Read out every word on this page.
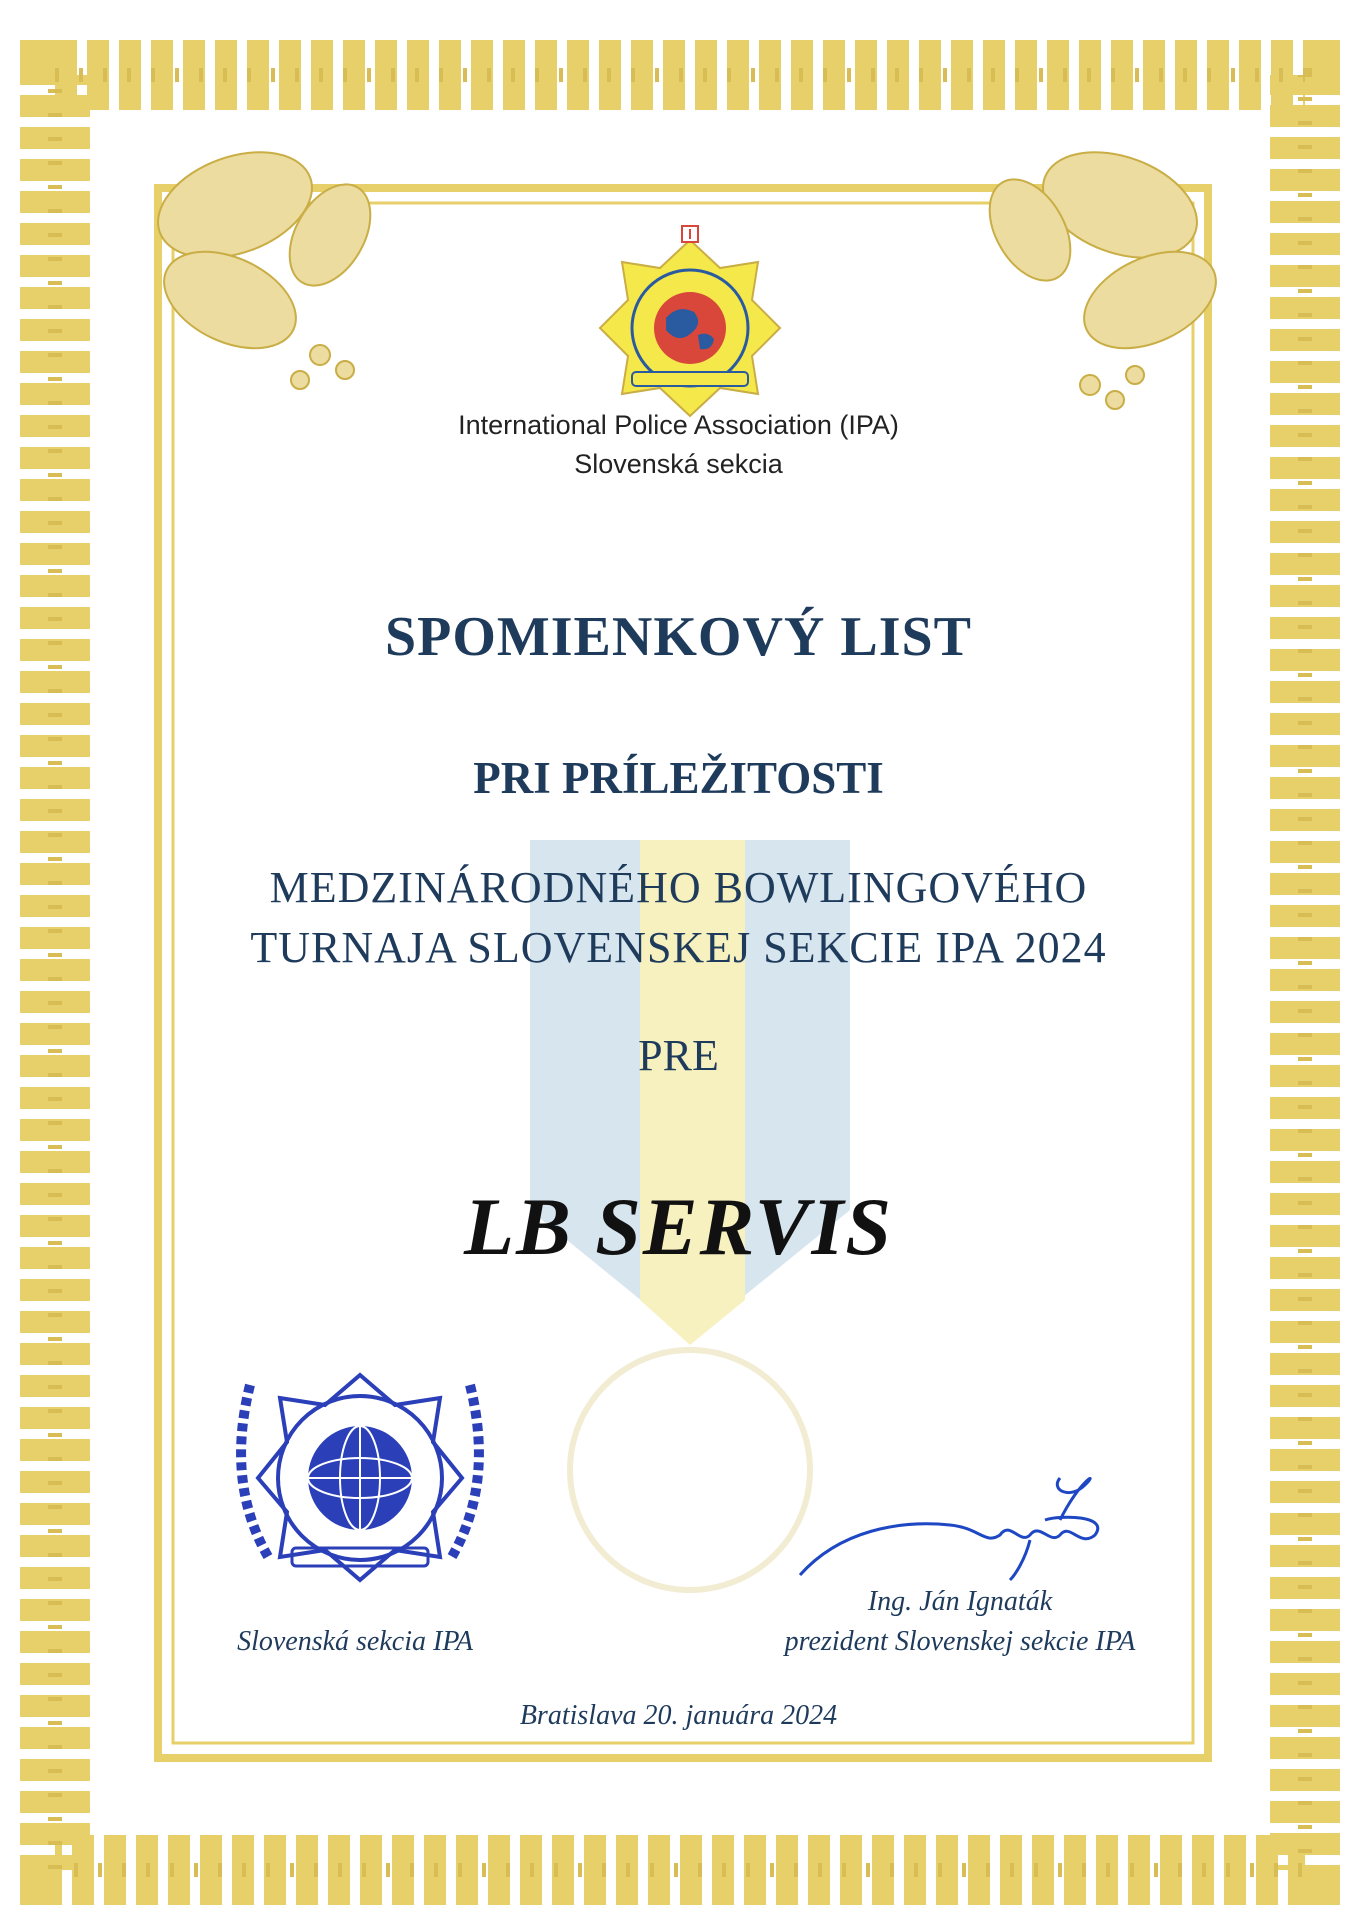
International Police Association (IPA)
Slovenská sekcia
SPOMIENKOVÝ LIST
PRI PRÍLEŽITOSTI
MEDZINÁRODNÉHO BOWLINGOVÉHO
TURNAJA SLOVENSKEJ SEKCIE IPA 2024
PRE
LB SERVIS
Slovenská sekcia IPA
Ing. Ján Ignaták
prezident Slovenskej sekcie IPA
Bratislava 20. januára 2024
